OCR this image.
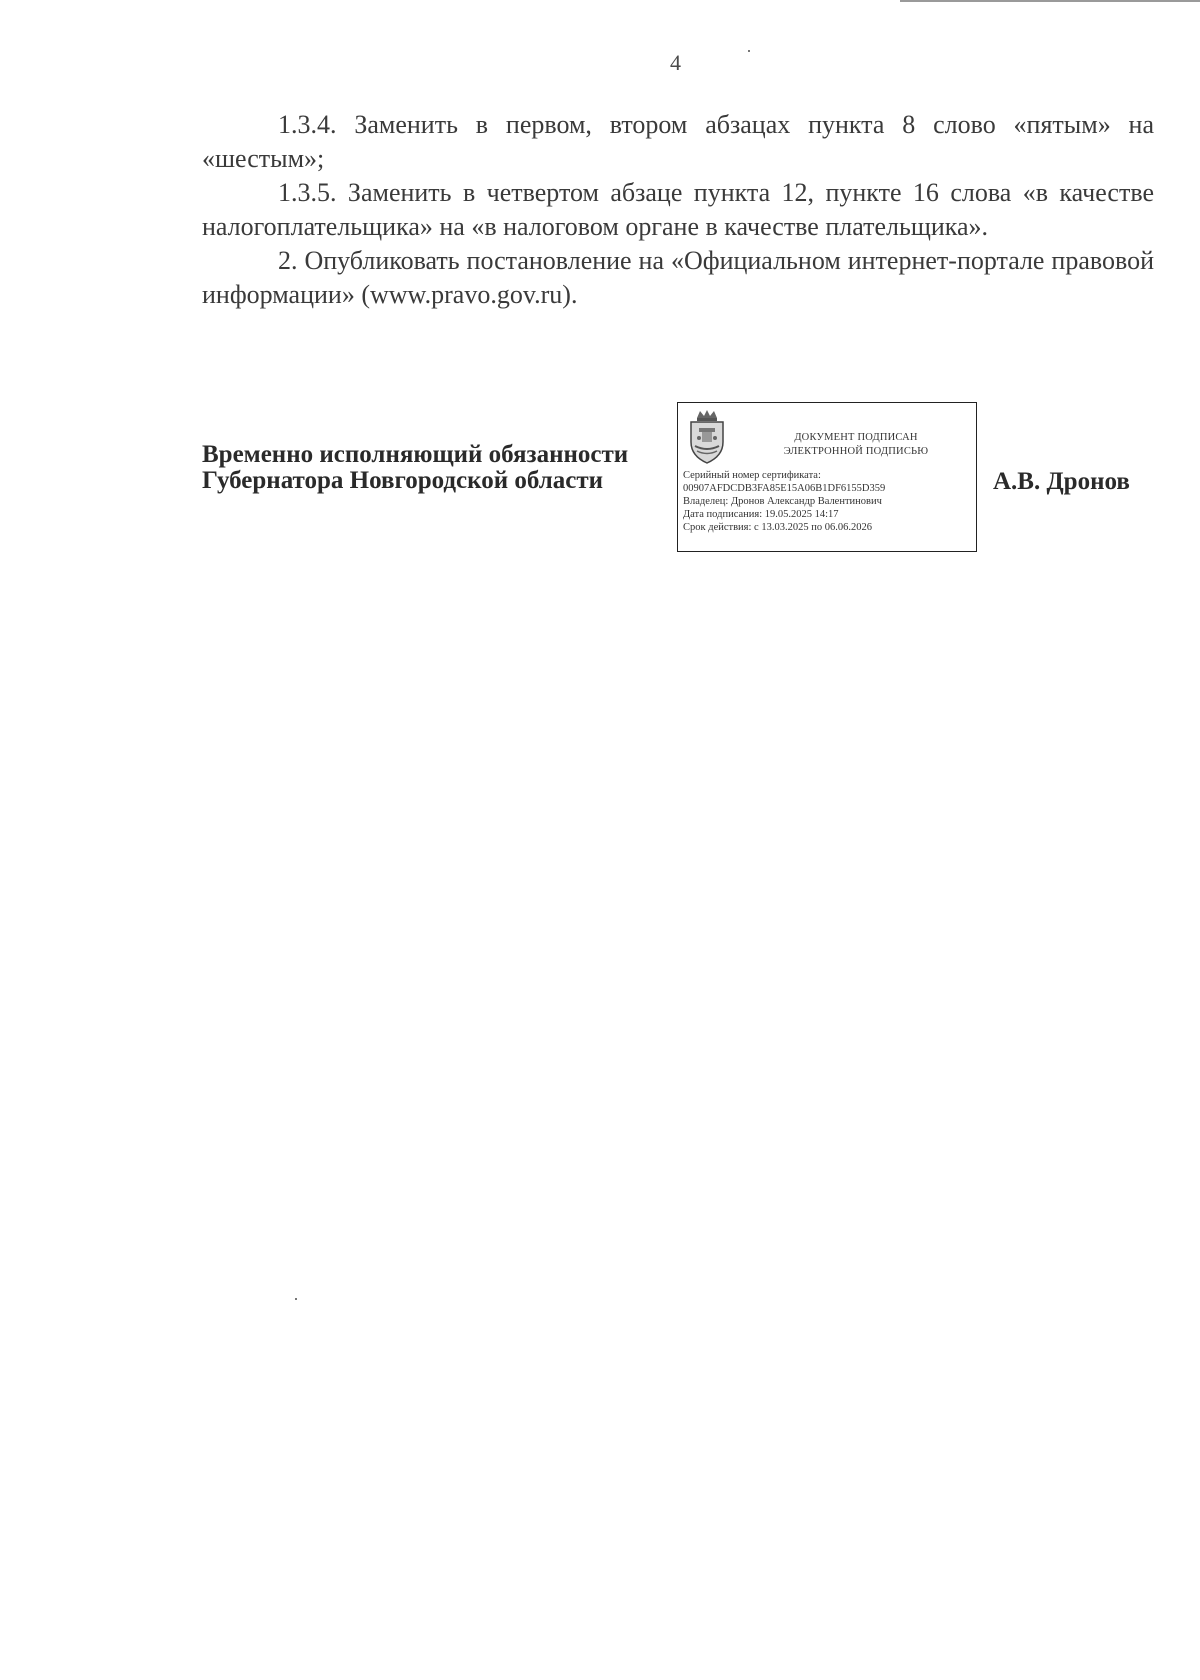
4

1.3.4. Заменить в первом, втором абзацах пункта 8 слово «пятым» на «шестым»;

1.3.5. Заменить в четвертом абзаце пункта 12, пункте 16 слова «в качестве налогоплательщика» на «в налоговом органе в качестве плательщика».

2. Опубликовать постановление на «Официальном интернет-портале правовой информации» (www.pravo.gov.ru).

Временно исполняющий обязанности
Губернатора Новгородской области
ДОКУМЕНТ ПОДПИСАН
ЭЛЕКТРОННОЙ ПОДПИСЬЮ
Серийный номер сертификата:
00907AFDCDB3FA85E15A06B1DF6155D359
Владелец: Дронов Александр Валентинович
Дата подписания: 19.05.2025 14:17
Срок действия: с 13.03.2025 по 06.06.2026
А.В. Дронов
